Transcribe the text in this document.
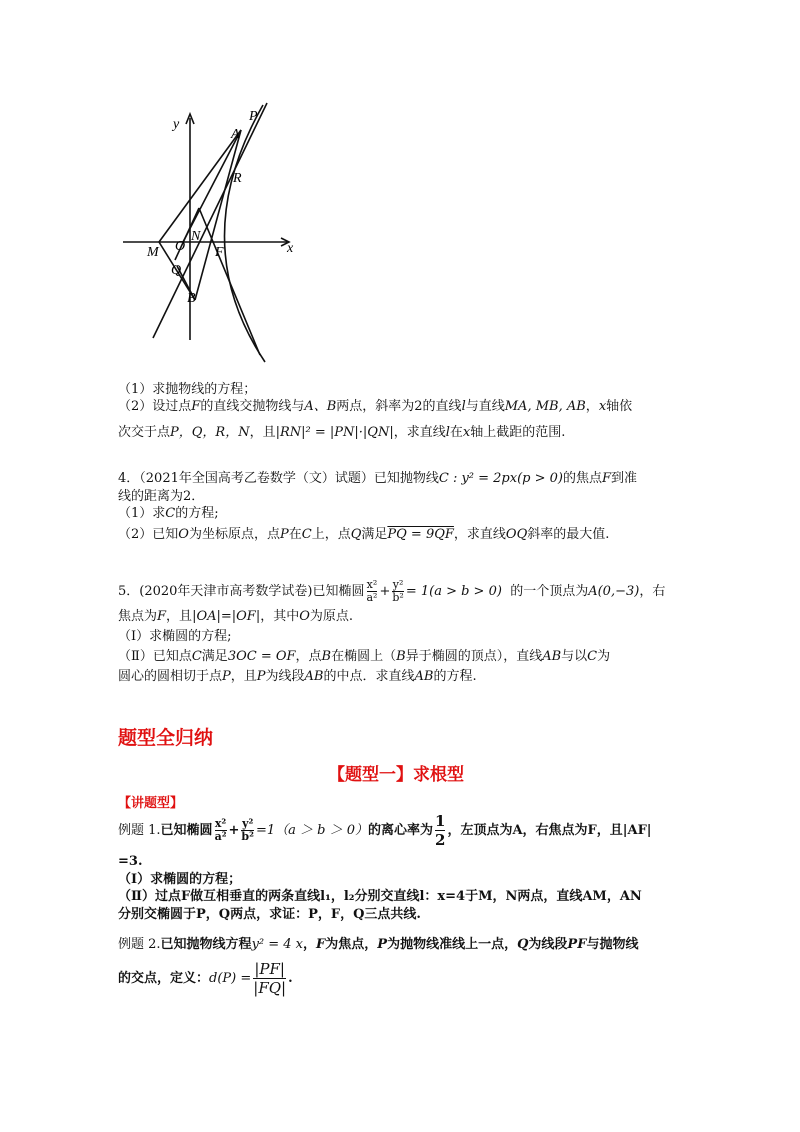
y
x
P
A
R
M O
N
F
Q
B
（1）求抛物线的方程；
（2）设过点F的直线交抛物线与A、B两点，斜率为2的直线l与直线MA, MB, AB，x轴依
次交于点P，Q，R，N，且|RN|² = |PN|·|QN|，求直线l在x轴上截距的范围.
4．（2021年全国高考乙卷数学（文）试题）已知抛物线C : y² = 2px(p > 0)的焦点F到准
线的距离为2．
（1）求C的方程;
（2）已知O为坐标原点，点P在C上，点Q满足PQ = 9QF，求直线OQ斜率的最大值.
5．(2020年天津市高考数学试卷)已知椭圆 $\frac{\text{x²}}{\text{a²}} + \frac{\text{y²}}{\text{b²}} = 1(a > b > 0)$ 的一个顶点为A(0,−3)，右
焦点为F，且|OA|=|OF|，其中O为原点.
（Ⅰ）求椭圆的方程;
（Ⅱ）已知点C满足3OC = OF，点B在椭圆上（B异于椭圆的顶点），直线AB与以C为
圆心的圆相切于点P，且P为线段AB的中点．求直线AB的方程.
题型全归纳
【题型一】求根型
【讲题型】
例题 1.已知椭圆 $\frac{\text{x²}}{\text{a²}} + \frac{\text{y²}}{\text{b²}} =1(a > b > 0)$的离心率为 $\frac{1}{2}$ ，左顶点为A，右焦点为F，且|AF|
=3.
（Ⅰ）求椭圆的方程；
（Ⅱ）过点F做互相垂直的两条直线l₁，l₂分别交直线l：x=4于M，N两点，直线AM，AN
分别交椭圆于P，Q两点，求证：P，F，Q三点共线.
例题 2.已知抛物线方程y² = 4 x，F为焦点，P为抛物线准线上一点，Q为线段PF与抛物线
的交点，定义：$d(P) = \frac{|PF|}{|FQ|}$ .
